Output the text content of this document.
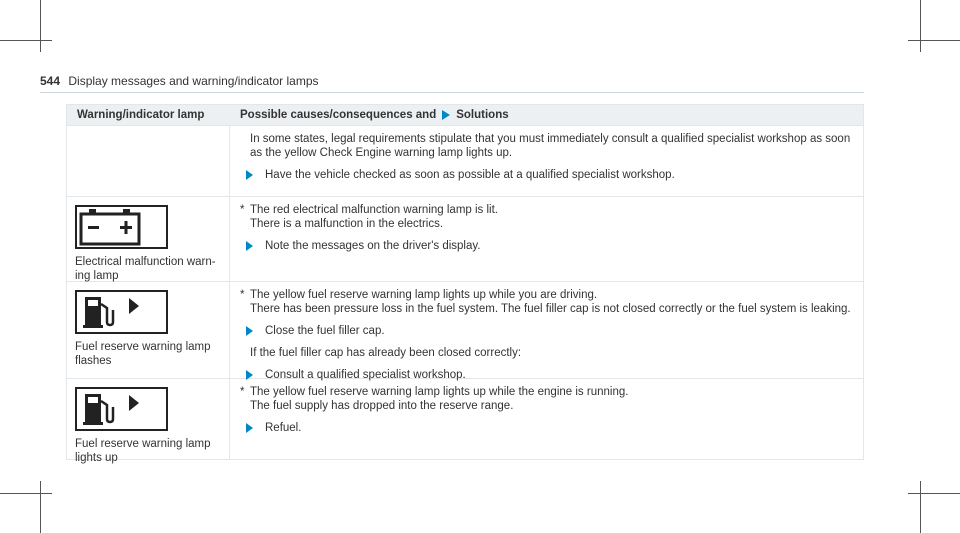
544 Display messages and warning/indicator lamps
Warning/indicator lamp	Possible causes/consequences and Solutions
In some states, legal requirements stipulate that you must immediately consult a qualified specialist workshop as soon
as the yellow Check Engine warning lamp lights up.
Have the vehicle checked as soon as possible at a qualified specialist workshop.
Electrical malfunction warn-
ing lamp
* The red electrical malfunction warning lamp is lit.
There is a malfunction in the electrics.
Note the messages on the driver's display.
Fuel reserve warning lamp
flashes
* The yellow fuel reserve warning lamp lights up while you are driving.
There has been pressure loss in the fuel system. The fuel filler cap is not closed correctly or the fuel system is leaking.
Close the fuel filler cap.
If the fuel filler cap has already been closed correctly:
Consult a qualified specialist workshop.
Fuel reserve warning lamp
lights up
* The yellow fuel reserve warning lamp lights up while the engine is running.
The fuel supply has dropped into the reserve range.
Refuel.
